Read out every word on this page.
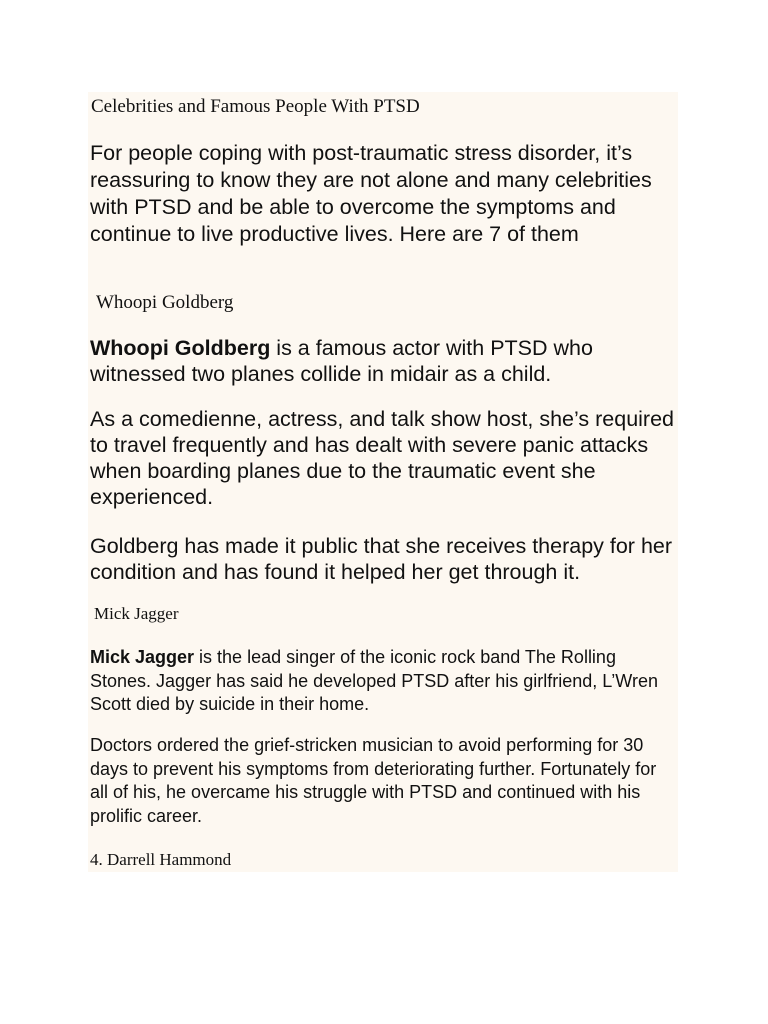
Celebrities and Famous People With PTSD

For people coping with post-traumatic stress disorder, it’s reassuring to know they are not alone and many celebrities with PTSD and be able to overcome the symptoms and continue to live productive lives. Here are 7 of them

Whoopi Goldberg

Whoopi Goldberg is a famous actor with PTSD who witnessed two planes collide in midair as a child.

As a comedienne, actress, and talk show host, she’s required to travel frequently and has dealt with severe panic attacks when boarding planes due to the traumatic event she experienced.

Goldberg has made it public that she receives therapy for her condition and has found it helped her get through it.

Mick Jagger

Mick Jagger is the lead singer of the iconic rock band The Rolling Stones. Jagger has said he developed PTSD after his girlfriend, L’Wren Scott died by suicide in their home.

Doctors ordered the grief-stricken musician to avoid performing for 30 days to prevent his symptoms from deteriorating further. Fortunately for all of his, he overcame his struggle with PTSD and continued with his prolific career.

4. Darrell Hammond
